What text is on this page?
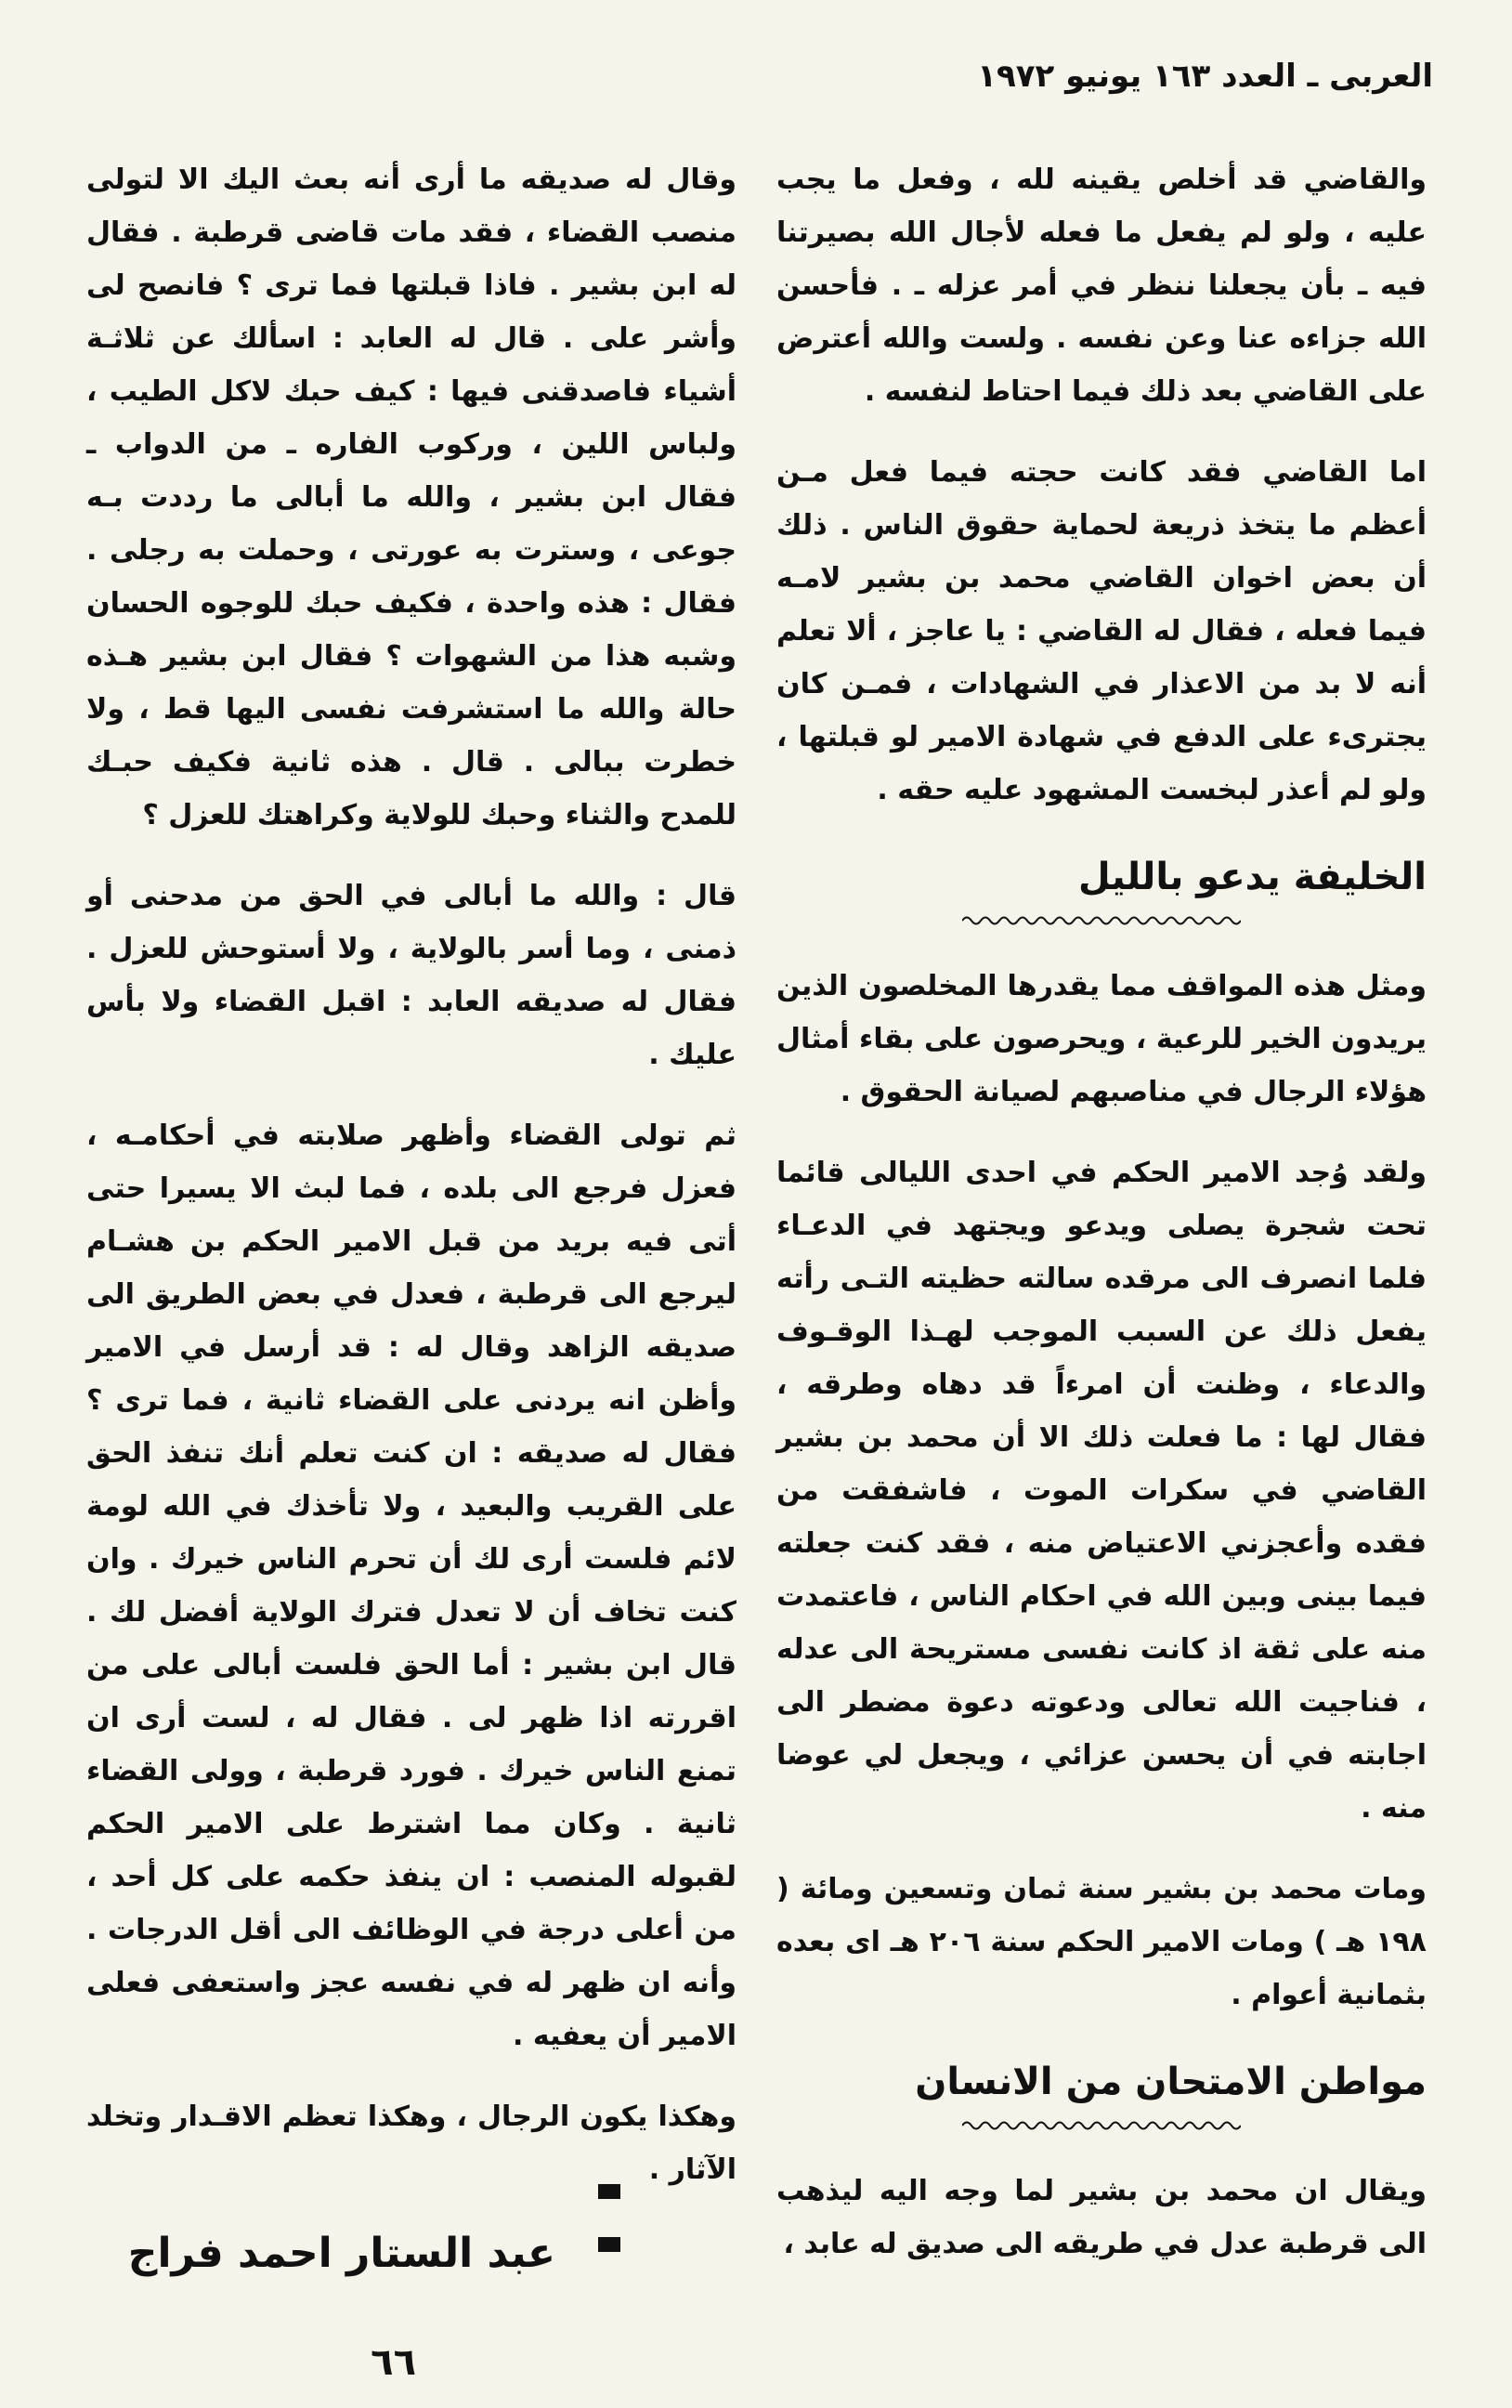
العربى ـ العدد ١٦٣ يونيو ١٩٧٢

والقاضي قد أخلص يقينه لله ، وفعل ما يجب عليه ، ولو لم يفعل ما فعله لأجال الله بصيرتنا فيه ـ بأن يجعلنا ننظر في أمر عزله ـ . فأحسن الله جزاءه عنا وعن نفسه . ولست والله أعترض على القاضي بعد ذلك فيما احتاط لنفسه .

اما القاضي فقد كانت حجته فيما فعل مـن أعظم ما يتخذ ذريعة لحماية حقوق الناس . ذلك أن بعض اخوان القاضي محمد بن بشير لامـه فيما فعله ، فقال له القاضي : يا عاجز ، ألا تعلم أنه لا بد من الاعذار في الشهادات ، فمـن كان يجترىء على الدفع في شهادة الامير لو قبلتها ، ولو لم أعذر لبخست المشهود عليه حقه .

الخليفة يدعو بالليل

ومثل هذه المواقف مما يقدرها المخلصون الذين يريدون الخير للرعية ، ويحرصون على بقاء أمثال هؤلاء الرجال في مناصبهم لصيانة الحقوق .

ولقد وُجد الامير الحكم في احدى الليالى قائما تحت شجرة يصلى ويدعو ويجتهد في الدعـاء فلما انصرف الى مرقده سالته حظيته التـى رأته يفعل ذلك عن السبب الموجب لهـذا الوقـوف والدعاء ، وظنت أن امرءاً قد دهاه وطرقه ، فقال لها : ما فعلت ذلك الا أن محمد بن بشير القاضي في سكرات الموت ، فاشفقت من فقده وأعجزني الاعتياض منه ، فقد كنت جعلته فيما بينى وبين الله في احكام الناس ، فاعتمدت منه على ثقة اذ كانت نفسى مستريحة الى عدله ، فناجيت الله تعالى ودعوته دعوة مضطر الى اجابته في أن يحسن عزائي ، ويجعل لي عوضا منه .

ومات محمد بن بشير سنة ثمان وتسعين ومائة ( ١٩٨ هـ ) ومات الامير الحكم سنة ٢٠٦ هـ اى بعده بثمانية أعوام .

مواطن الامتحان من الانسان

ويقال ان محمد بن بشير لما وجه اليه ليذهب الى قرطبة عدل في طريقه الى صديق له عابد ،

وقال له صديقه ما أرى أنه بعث اليك الا لتولى منصب القضاء ، فقد مات قاضى قرطبة . فقال له ابن بشير . فاذا قبلتها فما ترى ؟ فانصح لى وأشر على . قال له العابد : اسألك عن ثلاثـة أشياء فاصدقنى فيها : كيف حبك لاكل الطيب ، ولباس اللين ، وركوب الفاره ـ من الدواب ـ فقال ابن بشير ، والله ما أبالى ما رددت بـه جوعى ، وسترت به عورتى ، وحملت به رجلى . فقال : هذه واحدة ، فكيف حبك للوجوه الحسان وشبه هذا من الشهوات ؟ فقال ابن بشير هـذه حالة والله ما استشرفت نفسى اليها قط ، ولا خطرت ببالى . قال . هذه ثانية فكيف حبـك للمدح والثناء وحبك للولاية وكراهتك للعزل ؟

قال : والله ما أبالى في الحق من مدحنى أو ذمنى ، وما أسر بالولاية ، ولا أستوحش للعزل . فقال له صديقه العابد : اقبل القضاء ولا بأس عليك .

ثم تولى القضاء وأظهر صلابته في أحكامـه ، فعزل فرجع الى بلده ، فما لبث الا يسيرا حتى أتى فيه بريد من قبل الامير الحكم بن هشـام ليرجع الى قرطبة ، فعدل في بعض الطريق الى صديقه الزاهد وقال له : قد أرسل في الامير وأظن انه يردنى على القضاء ثانية ، فما ترى ؟ فقال له صديقه : ان كنت تعلم أنك تنفذ الحق على القريب والبعيد ، ولا تأخذك في الله لومة لائم فلست أرى لك أن تحرم الناس خيرك . وان كنت تخاف أن لا تعدل فترك الولاية أفضل لك . قال ابن بشير : أما الحق فلست أبالى على من اقررته اذا ظهر لى . فقال له ، لست أرى ان تمنع الناس خيرك . فورد قرطبة ، وولى القضاء ثانية . وكان مما اشترط على الامير الحكم لقبوله المنصب : ان ينفذ حكمه على كل أحد ، من أعلى درجة في الوظائف الى أقل الدرجات . وأنه ان ظهر له في نفسه عجز واستعفى فعلى الامير أن يعفيه .

وهكذا يكون الرجال ، وهكذا تعظم الاقـدار وتخلد الآثار .

عبد الستار احمد فراج
٦٦
